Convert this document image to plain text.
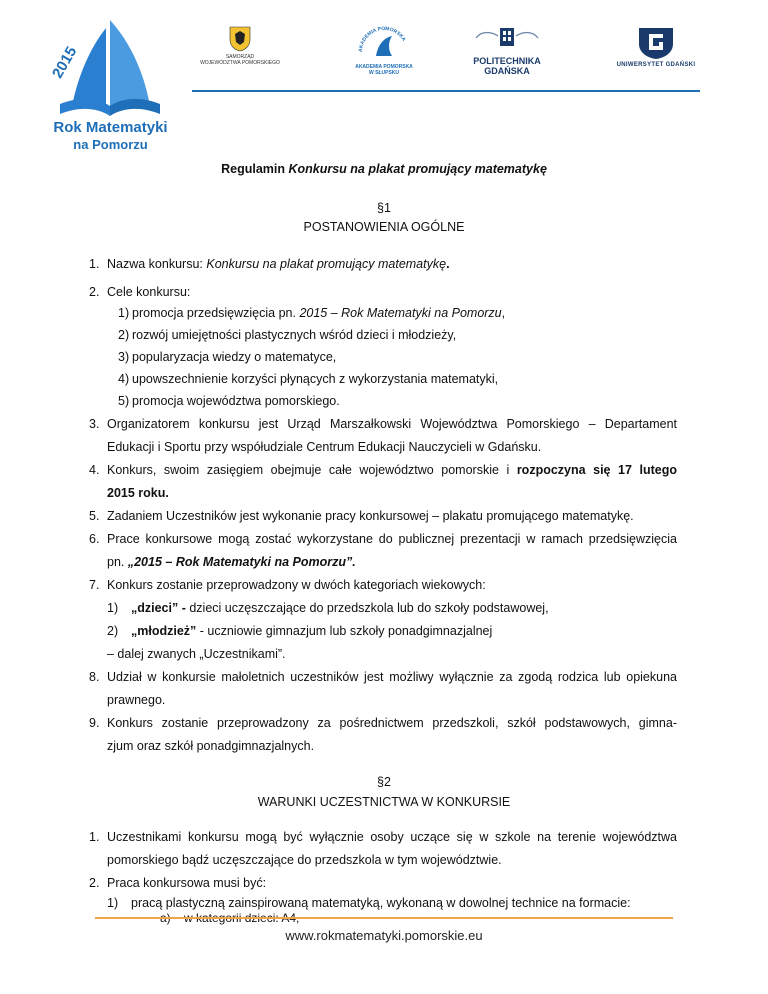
2015
Rok Matematyki
na Pomorzu
SAMORZĄD
WOJEWÓDZTWA POMORSKIEGO
AKADEMIA POMORSKA
AKADEMIA POMORSKA
W SŁUPSKU
POLITECHNIKA
GDAŃSKA
UNIWERSYTET GDAŃSKI
Regulamin Konkursu na plakat promujący matematykę
§1
POSTANOWIENIA OGÓLNE
1. Nazwa konkursu: Konkursu na plakat promujący matematykę.
2. Cele konkursu:
1) promocja przedsięwzięcia pn. 2015 – Rok Matematyki na Pomorzu,
2) rozwój umiejętności plastycznych wśród dzieci i młodzieży,
3) popularyzacja wiedzy o matematyce,
4) upowszechnienie korzyści płynących z wykorzystania matematyki,
5) promocja województwa pomorskiego.
3. Organizatorem konkursu jest Urząd Marszałkowski Województwa Pomorskiego – Departament
Edukacji i Sportu przy współudziale Centrum Edukacji Nauczycieli w Gdańsku.
4. Konkurs, swoim zasięgiem obejmuje całe województwo pomorskie i rozpoczyna się 17 lutego
2015 roku.
5. Zadaniem Uczestników jest wykonanie pracy konkursowej – plakatu promującego matematykę.
6. Prace konkursowe mogą zostać wykorzystane do publicznej prezentacji w ramach przedsięwzięcia
pn. „2015 – Rok Matematyki na Pomorzu”.
7. Konkurs zostanie przeprowadzony w dwóch kategoriach wiekowych:
1) „dzieci” - dzieci uczęszczające do przedszkola lub do szkoły podstawowej,
2) „młodzież” - uczniowie gimnazjum lub szkoły ponadgimnazjalnej
– dalej zwanych „Uczestnikami”.
8. Udział w konkursie małoletnich uczestników jest możliwy wyłącznie za zgodą rodzica lub opiekuna
prawnego.
9. Konkurs zostanie przeprowadzony za pośrednictwem przedszkoli, szkół podstawowych, gimna-
zjum oraz szkół ponadgimnazjalnych.
§2
WARUNKI UCZESTNICTWA W KONKURSIE
1. Uczestnikami konkursu mogą być wyłącznie osoby uczące się w szkole na terenie województwa
pomorskiego bądź uczęszczające do przedszkola w tym województwie.
2. Praca konkursowa musi być:
1) pracą plastyczną zainspirowaną matematyką, wykonaną w dowolnej technice na formacie:
www.rokmatematyki.pomorskie.eu
